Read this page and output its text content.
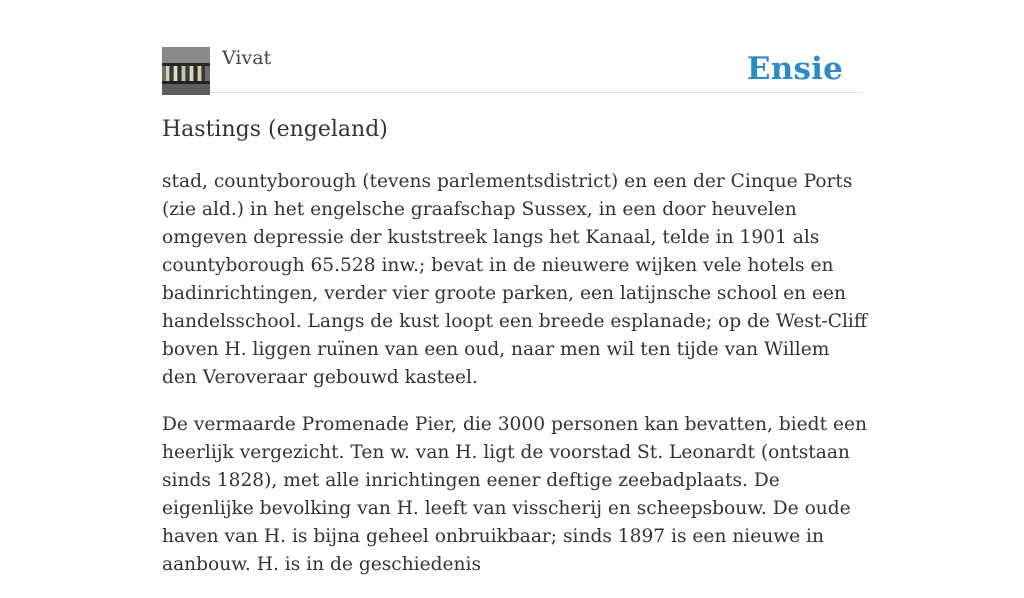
Vivat	Ensie
Hastings (engeland)

stad, countyborough (tevens parlementsdistrict) en een der Cinque Ports (zie ald.) in het engelsche graafschap Sussex, in een door heuvelen omgeven depressie der kuststreek langs het Kanaal, telde in 1901 als countyborough 65.528 inw.; bevat in de nieuwere wijken vele hotels en badinrichtingen, verder vier groote parken, een latijnsche school en een handelsschool. Langs de kust loopt een breede esplanade; op de West-Cliff boven H. liggen ruïnen van een oud, naar men wil ten tijde van Willem den Veroveraar gebouwd kasteel.

De vermaarde Promenade Pier, die 3000 personen kan bevatten, biedt een heerlijk vergezicht. Ten w. van H. ligt de voorstad St. Leonardt (ontstaan sinds 1828), met alle inrichtingen eener deftige zeebadplaats. De eigenlijke bevolking van H. leeft van visscherij en scheepsbouw. De oude haven van H. is bijna geheel onbruikbaar; sinds 1897 is een nieuwe in aanbouw. H. is in de geschiedenis
